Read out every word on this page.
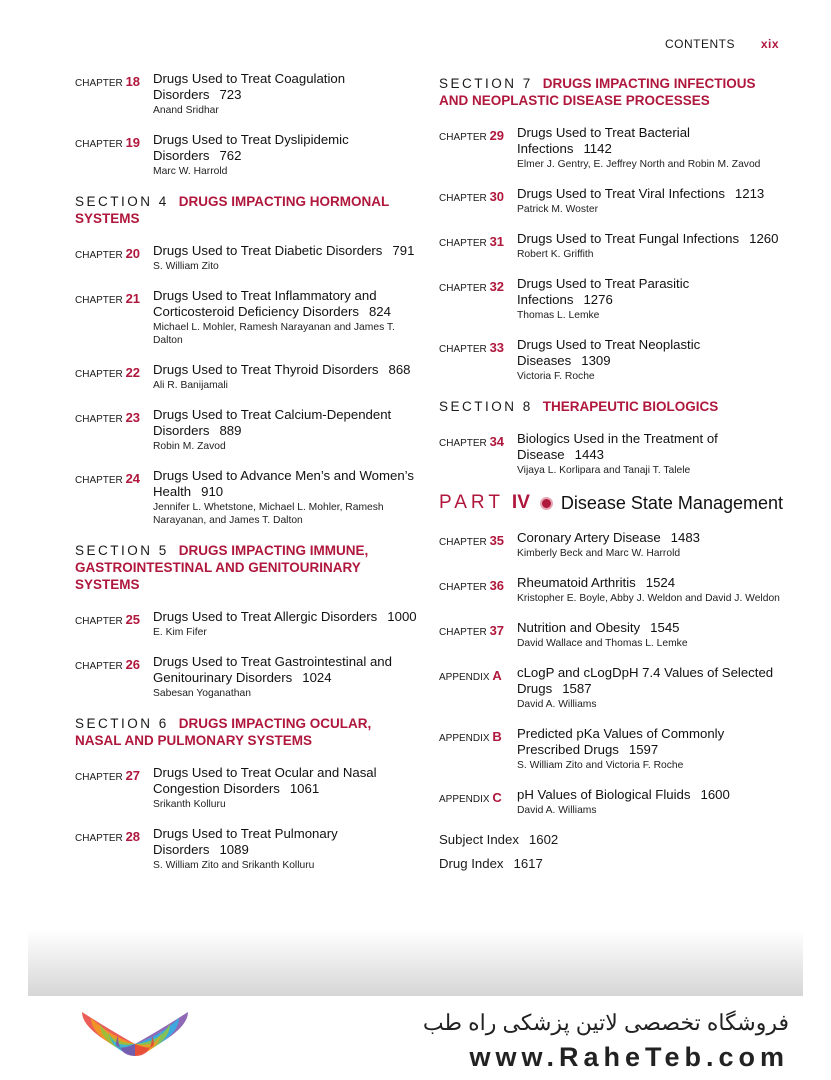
CONTENTS xix
CHAPTER 18 Drugs Used to Treat Coagulation Disorders 723
Anand Sridhar
CHAPTER 19 Drugs Used to Treat Dyslipidemic Disorders 762
Marc W. Harrold
SECTION 4 DRUGS IMPACTING HORMONAL SYSTEMS
CHAPTER 20 Drugs Used to Treat Diabetic Disorders 791
S. William Zito
CHAPTER 21 Drugs Used to Treat Inflammatory and Corticosteroid Deficiency Disorders 824
Michael L. Mohler, Ramesh Narayanan and James T. Dalton
CHAPTER 22 Drugs Used to Treat Thyroid Disorders 868
Ali R. Banijamali
CHAPTER 23 Drugs Used to Treat Calcium-Dependent Disorders 889
Robin M. Zavod
CHAPTER 24 Drugs Used to Advance Men’s and Women’s Health 910
Jennifer L. Whetstone, Michael L. Mohler, Ramesh Narayanan, and James T. Dalton
SECTION 5 DRUGS IMPACTING IMMUNE, GASTROINTESTINAL AND GENITOURINARY SYSTEMS
CHAPTER 25 Drugs Used to Treat Allergic Disorders 1000
E. Kim Fifer
CHAPTER 26 Drugs Used to Treat Gastrointestinal and Genitourinary Disorders 1024
Sabesan Yoganathan
SECTION 6 DRUGS IMPACTING OCULAR, NASAL AND PULMONARY SYSTEMS
CHAPTER 27 Drugs Used to Treat Ocular and Nasal Congestion Disorders 1061
Srikanth Kolluru
CHAPTER 28 Drugs Used to Treat Pulmonary Disorders 1089
S. William Zito and Srikanth Kolluru
SECTION 7 DRUGS IMPACTING INFECTIOUS AND NEOPLASTIC DISEASE PROCESSES
CHAPTER 29 Drugs Used to Treat Bacterial Infections 1142
Elmer J. Gentry, E. Jeffrey North and Robin M. Zavod
CHAPTER 30 Drugs Used to Treat Viral Infections 1213
Patrick M. Woster
CHAPTER 31 Drugs Used to Treat Fungal Infections 1260
Robert K. Griffith
CHAPTER 32 Drugs Used to Treat Parasitic Infections 1276
Thomas L. Lemke
CHAPTER 33 Drugs Used to Treat Neoplastic Diseases 1309
Victoria F. Roche
SECTION 8 THERAPEUTIC BIOLOGICS
CHAPTER 34 Biologics Used in the Treatment of Disease 1443
Vijaya L. Korlipara and Tanaji T. Talele
PART IV Disease State Management
CHAPTER 35 Coronary Artery Disease 1483
Kimberly Beck and Marc W. Harrold
CHAPTER 36 Rheumatoid Arthritis 1524
Kristopher E. Boyle, Abby J. Weldon and David J. Weldon
CHAPTER 37 Nutrition and Obesity 1545
David Wallace and Thomas L. Lemke
APPENDIX A	cLogP and cLogDpH 7.4 Values of Selected Drugs 1587
David A. Williams
APPENDIX B	Predicted pKa Values of Commonly Prescribed Drugs 1597
S. William Zito and Victoria F. Roche
APPENDIX C	pH Values of Biological Fluids 1600
David A. Williams
Subject Index 1602
Drug Index 1617
فروشگاه تخصصی لاتین پزشکی راه طب
www.RaheTeb.com
